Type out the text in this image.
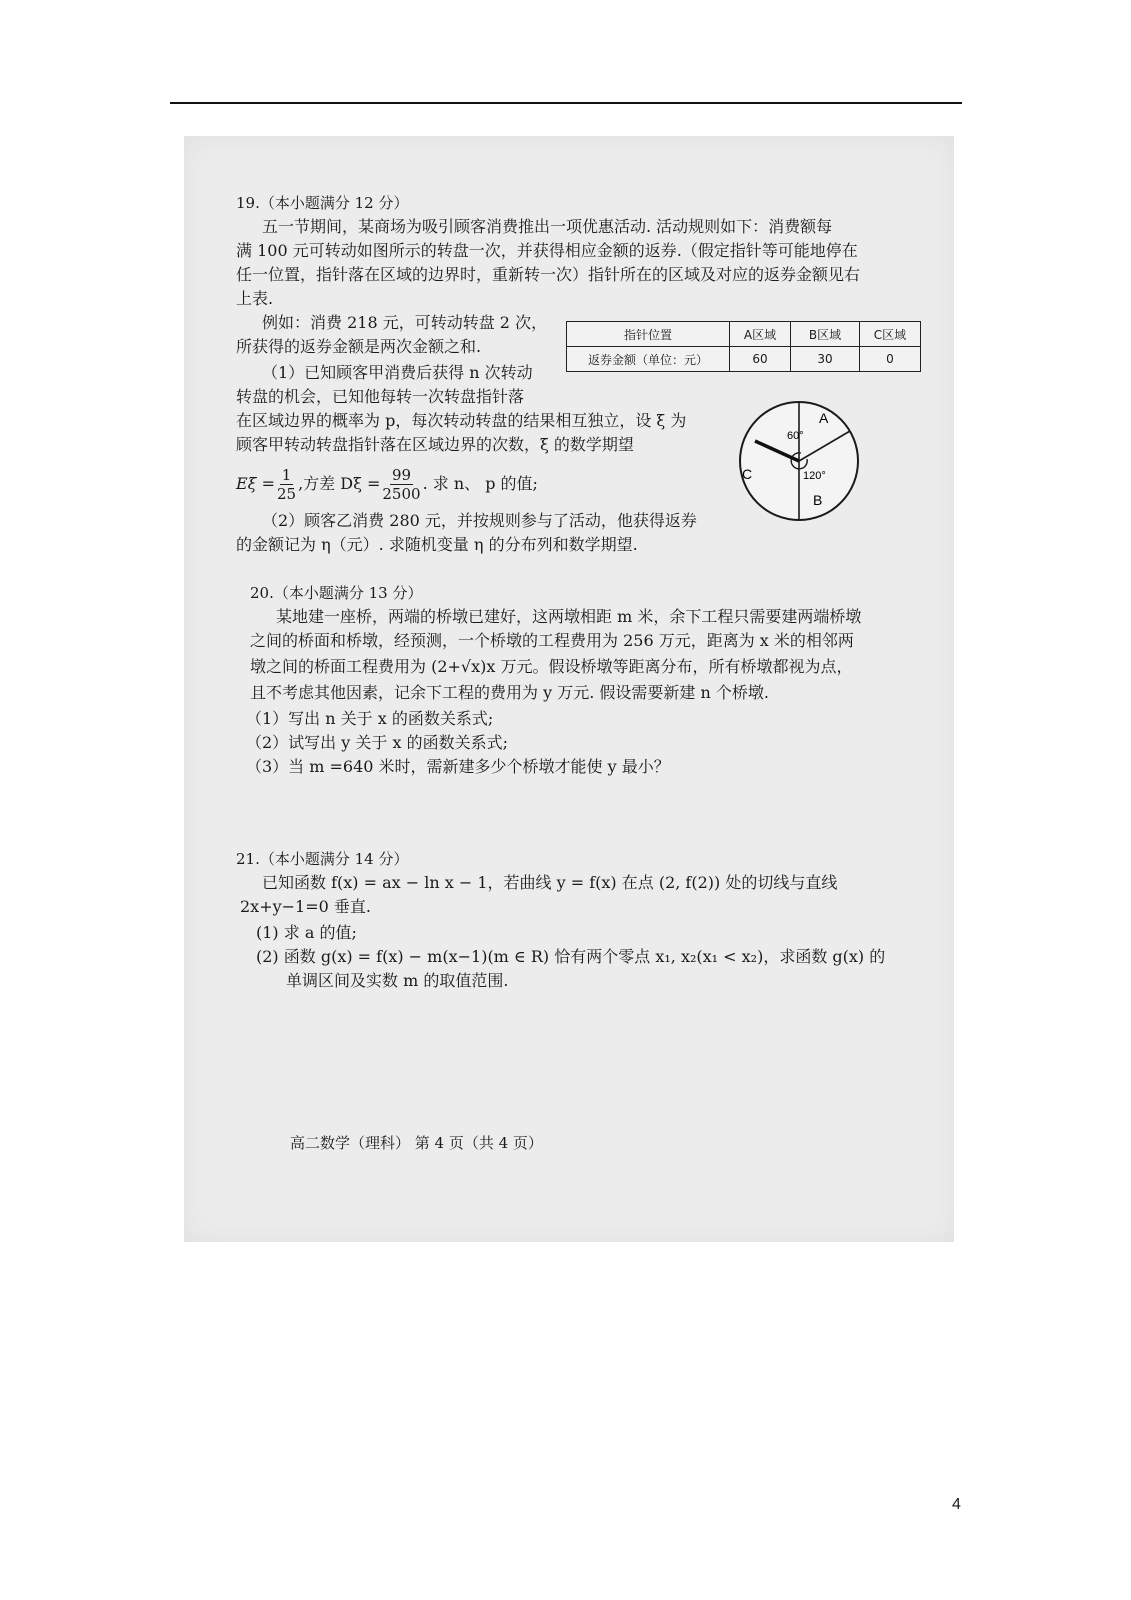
19.（本小题满分 12 分）
五一节期间，某商场为吸引顾客消费推出一项优惠活动. 活动规则如下：消费额每
满 100 元可转动如图所示的转盘一次，并获得相应金额的返券.（假定指针等可能地停在
任一位置，指针落在区域的边界时，重新转一次）指针所在的区域及对应的返券金额见右
上表.
例如：消费 218 元，可转动转盘 2 次，
所获得的返券金额是两次金额之和.
（1）已知顾客甲消费后获得 n 次转动
转盘的机会，已知他每转一次转盘指针落
在区域边界的概率为 p，每次转动转盘的结果相互独立，设 ξ 为
顾客甲转动转盘指针落在区域边界的次数，ξ 的数学期望
$E\xi = \frac{1}{25}$ ,方差 $D\xi = \frac{99}{2500}$ . 求 n、 p 的值;
（2）顾客乙消费 280 元，并按规则参与了活动，他获得返券
的金额记为 η（元）. 求随机变量 η 的分布列和数学期望.
指针位置	A区域	B区域	C区域
返券金额（单位：元）	60	30	0
A
60°
C	120°
B
20.（本小题满分 13 分）
某地建一座桥，两端的桥墩已建好，这两墩相距 m 米，余下工程只需要建两端桥墩
之间的桥面和桥墩，经预测，一个桥墩的工程费用为 256 万元，距离为 x 米的相邻两
墩之间的桥面工程费用为 (2+√x)x 万元。假设桥墩等距离分布，所有桥墩都视为点，
且不考虑其他因素，记余下工程的费用为 y 万元. 假设需要新建 n 个桥墩.
（1）写出 n 关于 x 的函数关系式;
（2）试写出 y 关于 x 的函数关系式;
（3）当 m =640 米时，需新建多少个桥墩才能使 y 最小？
21.（本小题满分 14 分）
已知函数 f(x) = ax − ln x − 1，若曲线 y = f(x) 在点 (2, f(2)) 处的切线与直线
2x+y−1=0 垂直.
(1) 求 a 的值;
(2) 函数 g(x) = f(x) − m(x−1)(m ∈ R) 恰有两个零点 x₁, x₂(x₁ < x₂)，求函数 g(x) 的
单调区间及实数 m 的取值范围.
高二数学（理科） 第 4 页（共 4 页）
4
